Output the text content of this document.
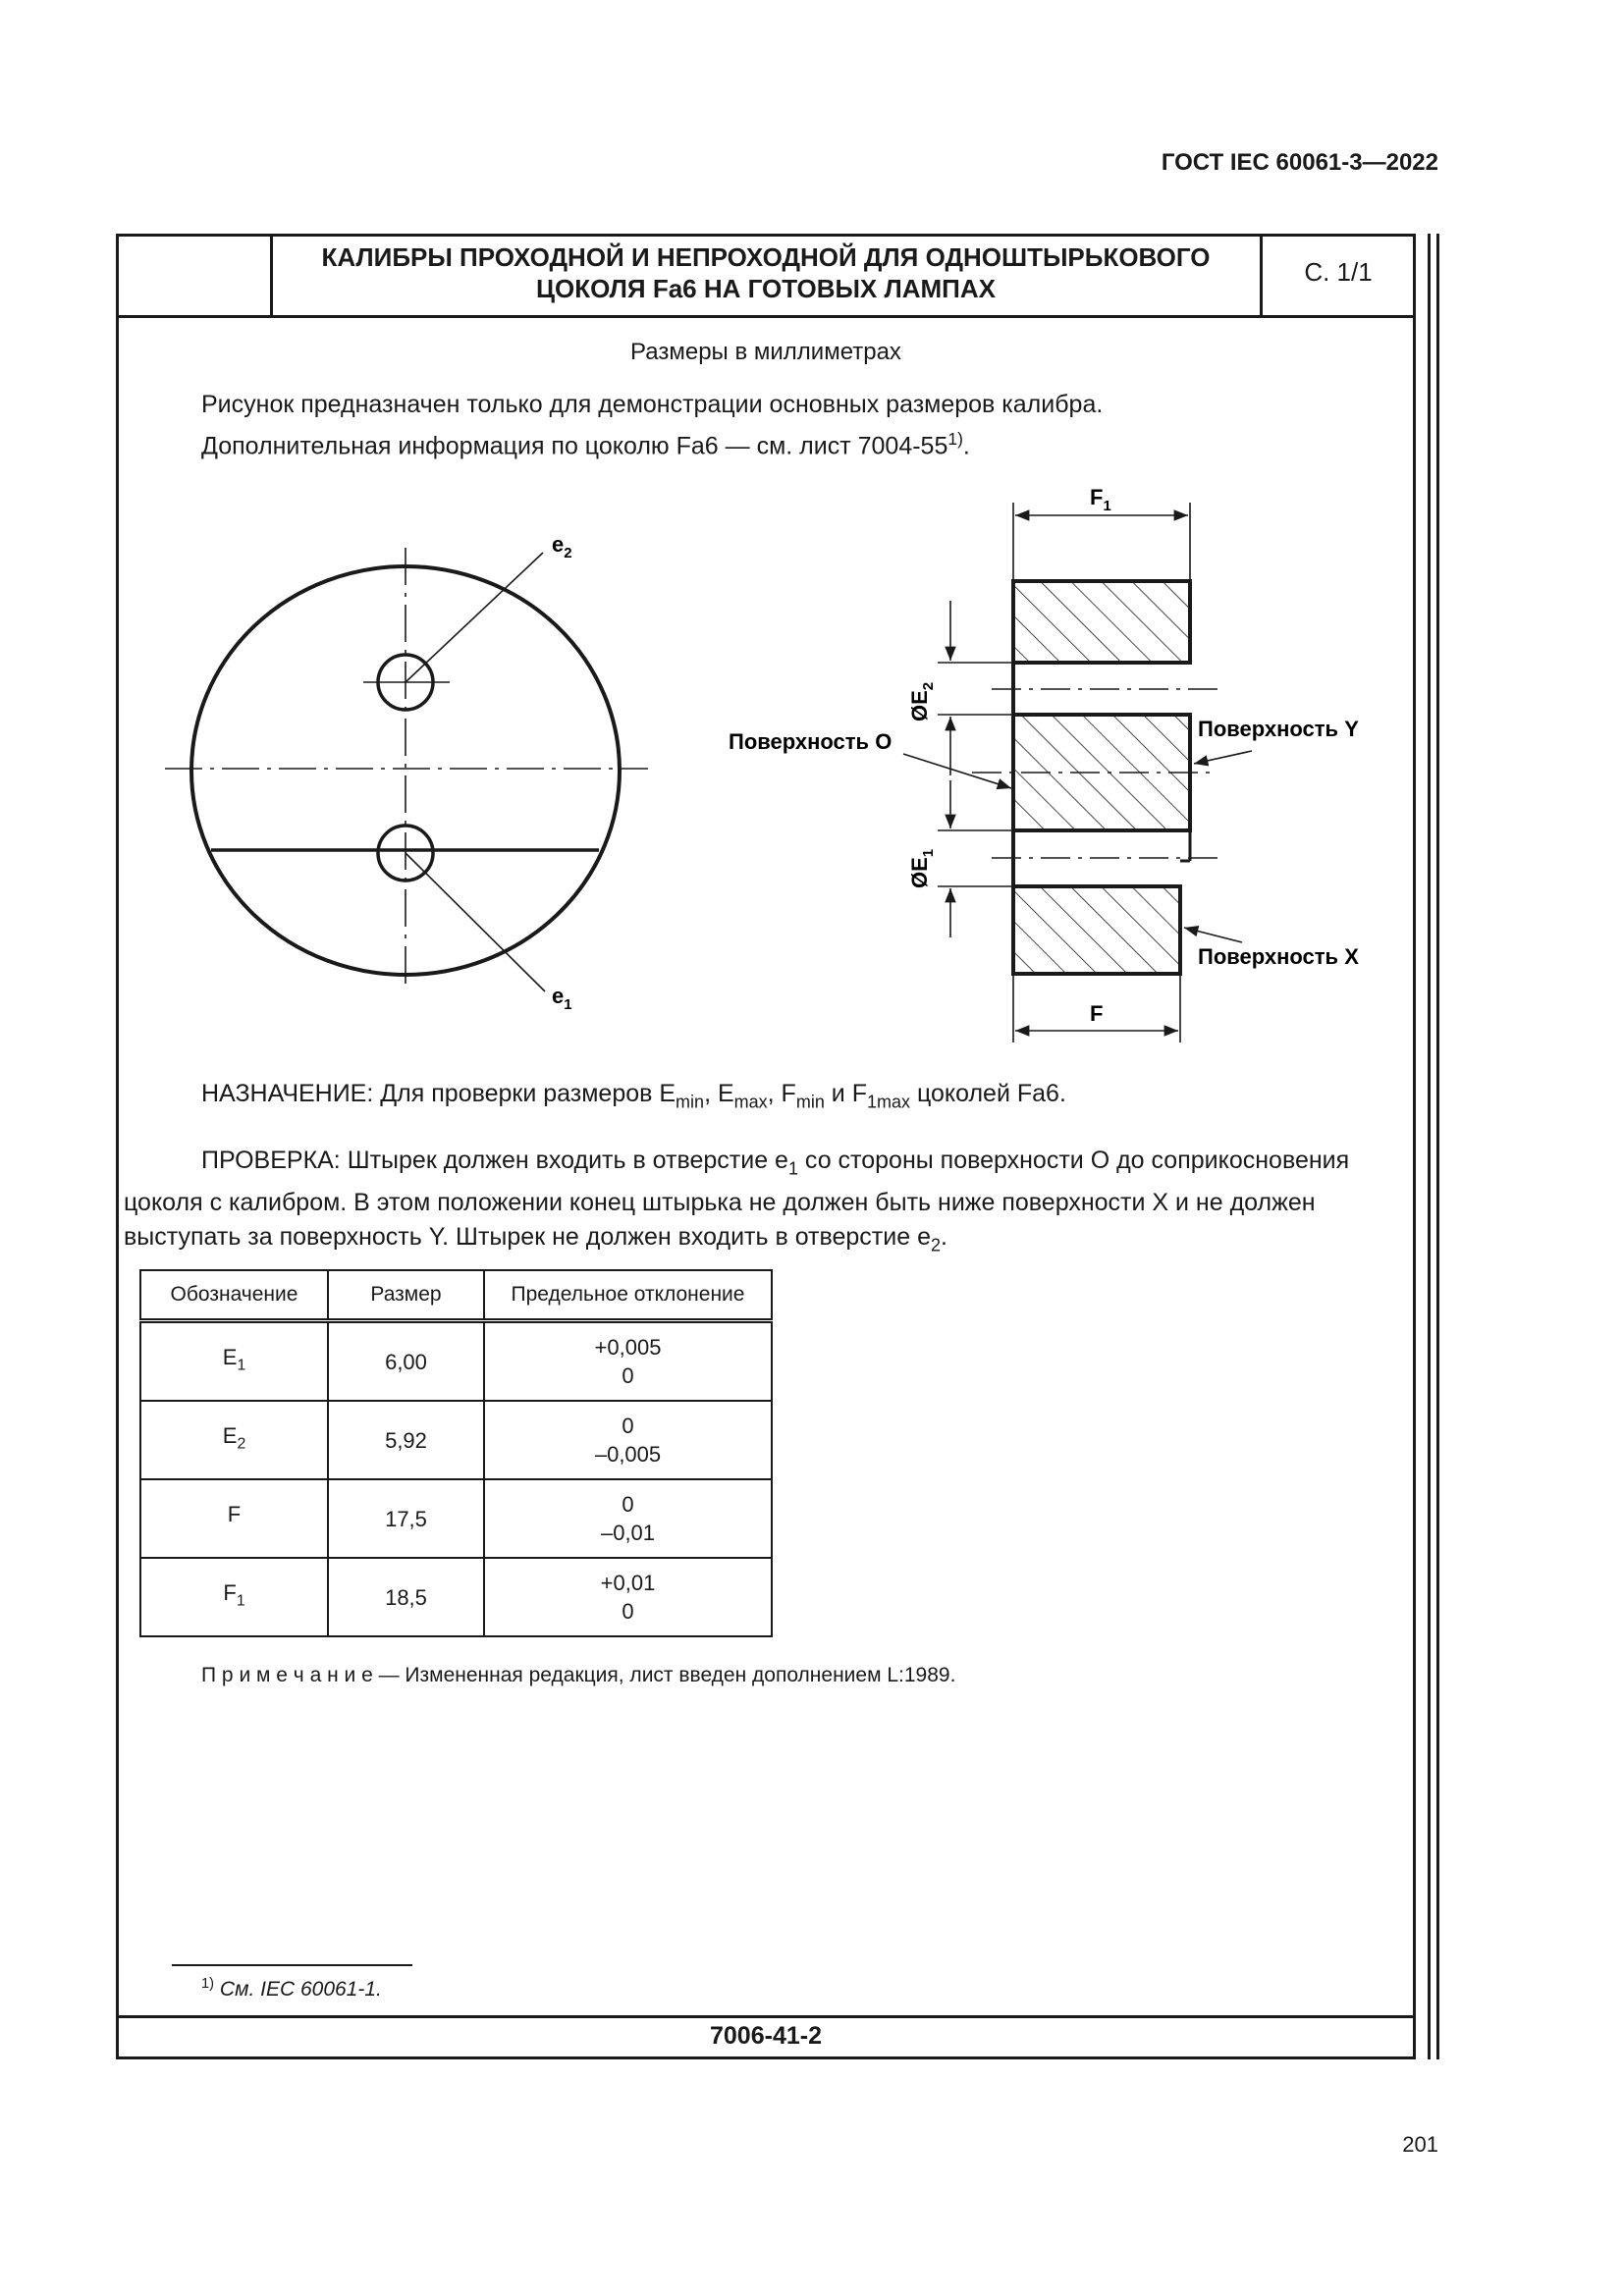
ГОСТ IEC 60061-3—2022
КАЛИБРЫ ПРОХОДНОЙ И НЕПРОХОДНОЙ ДЛЯ ОДНОШТЫРЬКОВОГО
ЦОКОЛЯ Fa6 НА ГОТОВЫХ ЛАМПАХ
С. 1/1
Размеры в миллиметрах
Рисунок предназначен только для демонстрации основных размеров калибра.
Дополнительная информация по цоколю Fa6 — см. лист 7004-55$^{1)}$.
$e_2$
$e_1$
$F_1$
F
$ØE_2$
$ØE_1$
Поверхность O
Поверхность Y
Поверхность X
НАЗНАЧЕНИЕ: Для проверки размеров $E_{min}$, $E_{max}$, $F_{min}$ и $F_{1max}$ цоколей Fa6.
ПРОВЕРКА: Штырек должен входить в отверстие $e_1$ со стороны поверхности O до соприкосновения цоколя с калибром. В этом положении конец штырька не должен быть ниже поверхности X и не должен выступать за поверхность Y. Штырек не должен входить в отверстие $e_2$.
Обозначение	Размер	Предельное отклонение
$E_1$	6,00	+0,005
0

$E_2$	5,92	0
–0,005

F	17,5	0
–0,01

$F_1$	18,5	+0,01
0
П р и м е ч а н и е — Измененная редакция, лист введен дополнением L:1989.
$^{1)}$ См. IEC 60061-1.
7006-41-2
201
